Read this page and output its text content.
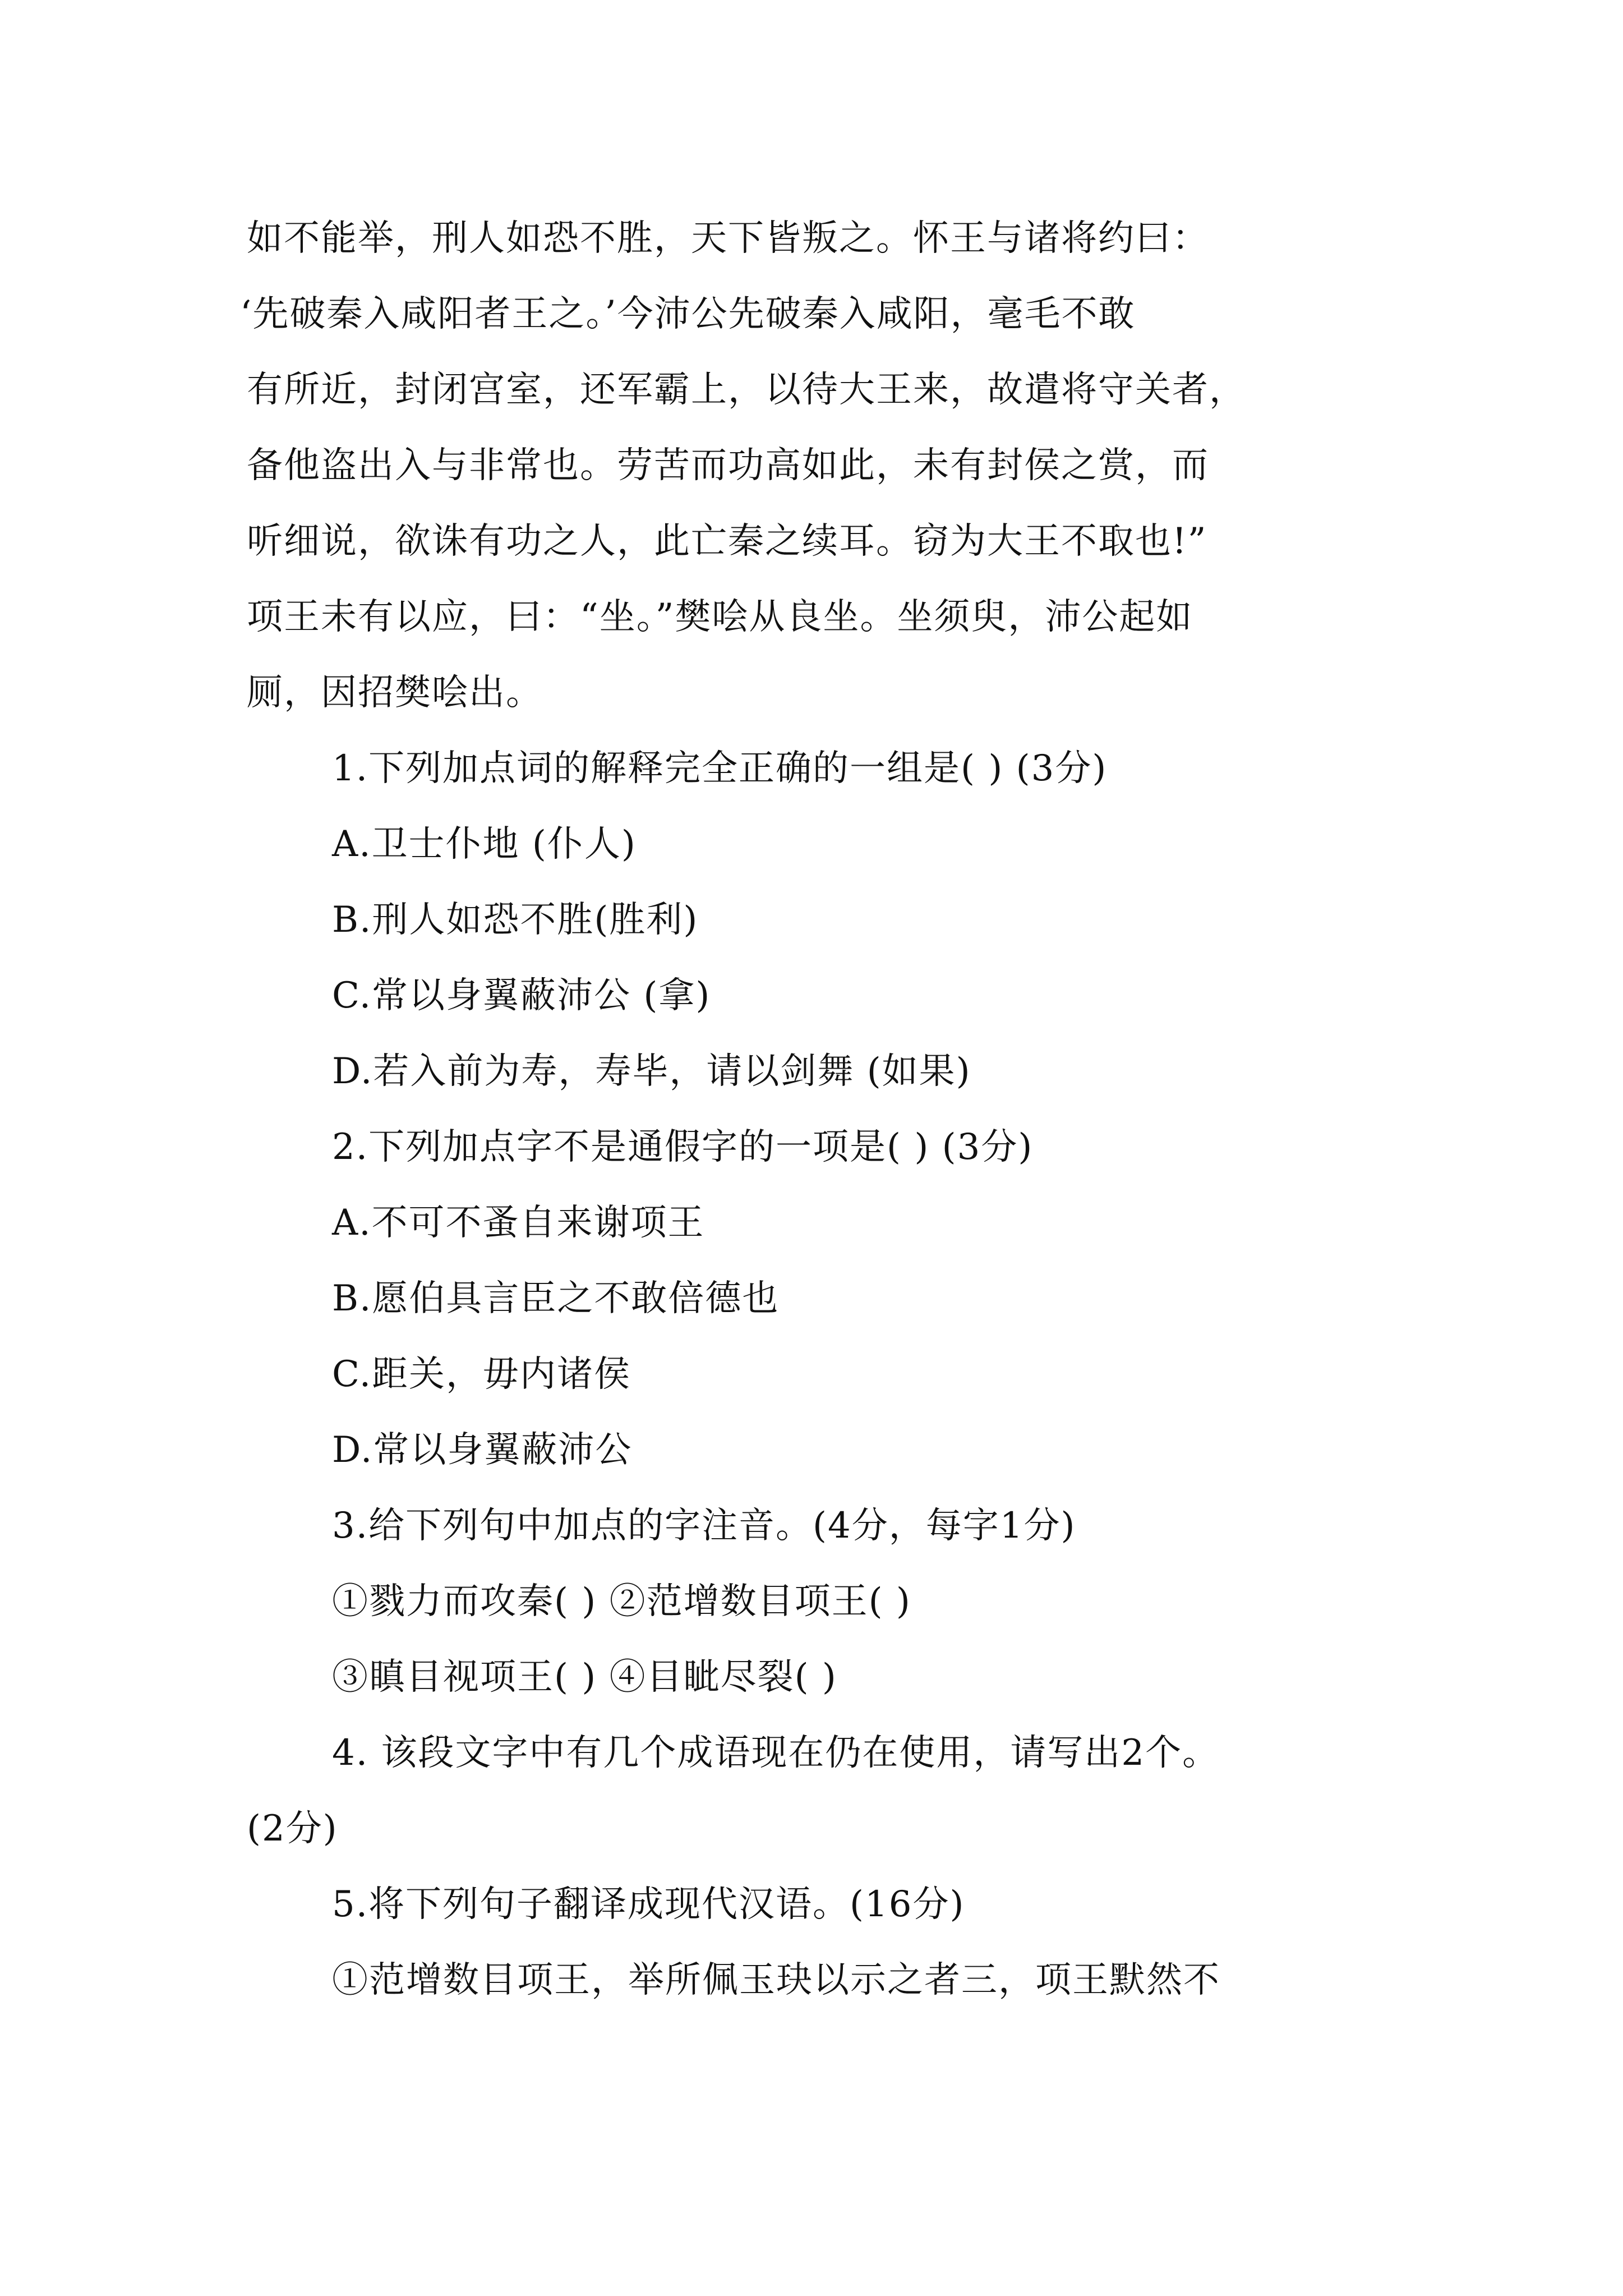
如不能举，刑人如恐不胜，天下皆叛之。怀王与诸将约曰：
‘先破秦入咸阳者王之。’今沛公先破秦入咸阳，毫毛不敢
有所近，封闭宫室，还军霸上，以待大王来，故遣将守关者，
备他盗出入与非常也。劳苦而功高如此，未有封侯之赏，而
听细说，欲诛有功之人，此亡秦之续耳。窃为大王不取也!”
项王未有以应，曰：“坐。”樊哙从良坐。坐须臾，沛公起如
厕，因招樊哙出。
1.下列加点词的解释完全正确的一组是( ) (3分)
A.卫士仆地 (仆人)
B.刑人如恐不胜(胜利)
C.常以身翼蔽沛公 (拿)
D.若入前为寿，寿毕，请以剑舞 (如果)
2.下列加点字不是通假字的一项是( ) (3分)
A.不可不蚤自来谢项王
B.愿伯具言臣之不敢倍德也
C.距关，毋内诸侯
D.常以身翼蔽沛公
3.给下列句中加点的字注音。(4分，每字1分)
①戮力而攻秦( ) ②范增数目项王( )
③瞋目视项王( ) ④目眦尽裂( )
4. 该段文字中有几个成语现在仍在使用，请写出2个。
(2分)
5.将下列句子翻译成现代汉语。(16分)
①范增数目项王，举所佩玉玦以示之者三，项王默然不
